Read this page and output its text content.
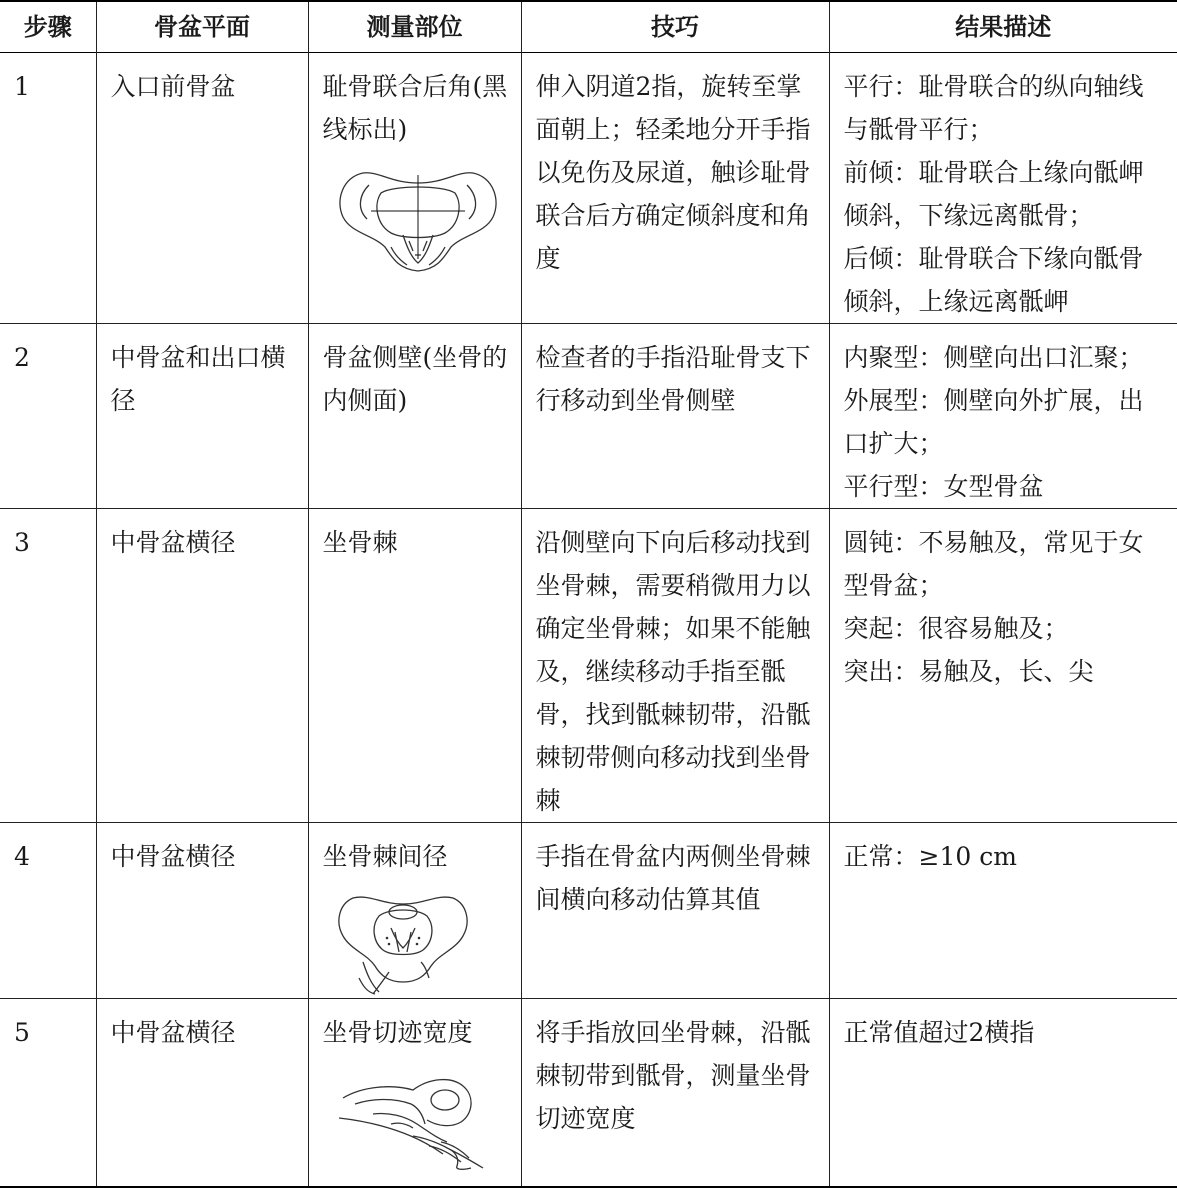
步骤	骨盆平面	测量部位	技巧	结果描述
1	入口前骨盆	耻骨联合后角(黑线标出)	伸入阴道2指，旋转至掌面朝上；轻柔地分开手指以免伤及尿道，触诊耻骨联合后方确定倾斜度和角度	平行：耻骨联合的纵向轴线与骶骨平行；
前倾：耻骨联合上缘向骶岬倾斜，下缘远离骶骨；
后倾：耻骨联合下缘向骶骨倾斜，上缘远离骶岬

2	中骨盆和出口横径	骨盆侧壁(坐骨的内侧面)	检查者的手指沿耻骨支下行移动到坐骨侧壁	内聚型：侧壁向出口汇聚；
外展型：侧壁向外扩展，出口扩大；
平行型：女型骨盆

3	中骨盆横径	坐骨棘	沿侧壁向下向后移动找到坐骨棘，需要稍微用力以确定坐骨棘；如果不能触及，继续移动手指至骶骨，找到骶棘韧带，沿骶棘韧带侧向移动找到坐骨棘	圆钝：不易触及，常见于女型骨盆；
突起：很容易触及；
突出：易触及，长、尖

4	中骨盆横径	坐骨棘间径	手指在骨盆内两侧坐骨棘间横向移动估算其值	正常：≥10 cm

5	中骨盆横径	坐骨切迹宽度	将手指放回坐骨棘，沿骶棘韧带到骶骨，测量坐骨切迹宽度	正常值超过2横指
